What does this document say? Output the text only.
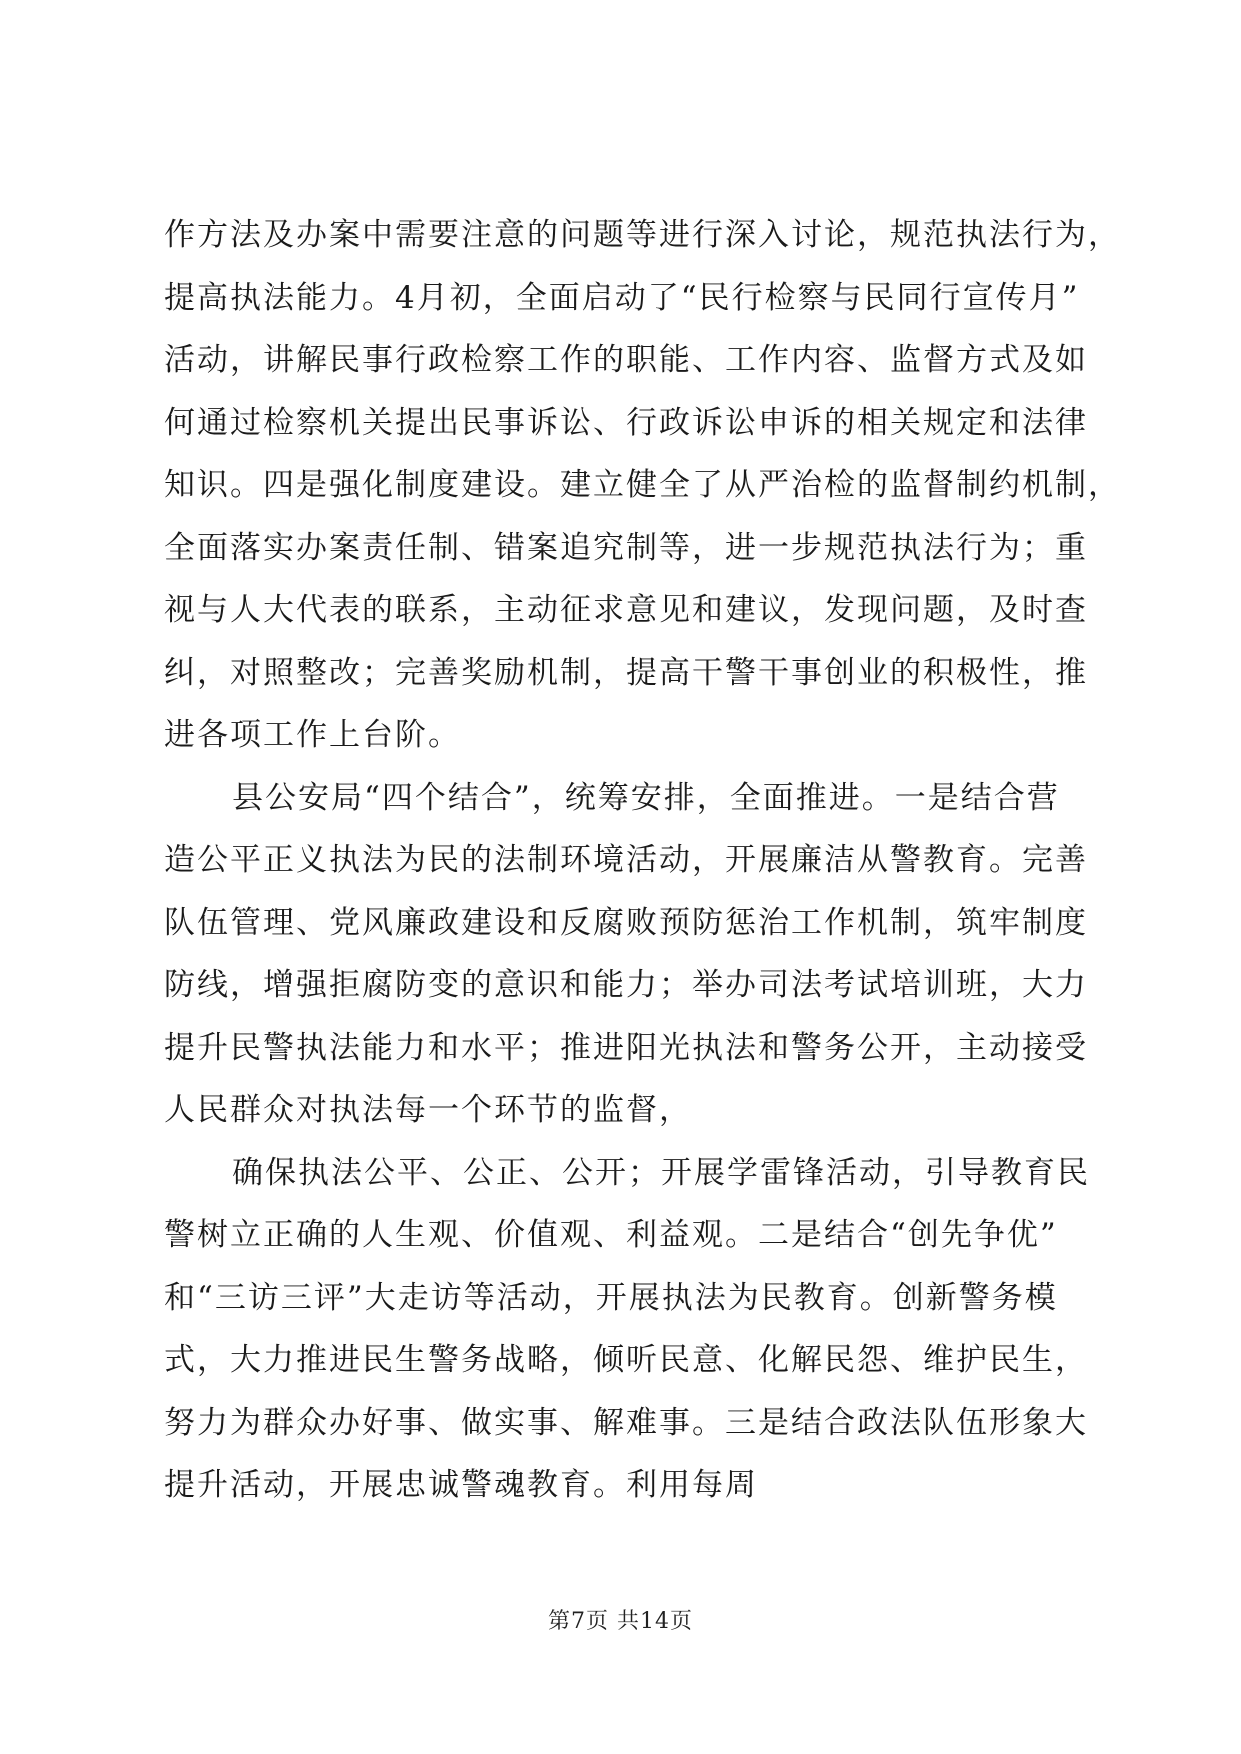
作方法及办案中需要注意的问题等进行深入讨论，规范执法行为，
提高执法能力。4月初，全面启动了“民行检察与民同行宣传月”
活动，讲解民事行政检察工作的职能、工作内容、监督方式及如
何通过检察机关提出民事诉讼、行政诉讼申诉的相关规定和法律
知识。四是强化制度建设。建立健全了从严治检的监督制约机制，
全面落实办案责任制、错案追究制等，进一步规范执法行为；重
视与人大代表的联系，主动征求意见和建议，发现问题，及时查
纠，对照整改；完善奖励机制，提高干警干事创业的积极性，推
进各项工作上台阶。
县公安局“四个结合”，统筹安排，全面推进。一是结合营
造公平正义执法为民的法制环境活动，开展廉洁从警教育。完善
队伍管理、党风廉政建设和反腐败预防惩治工作机制，筑牢制度
防线，增强拒腐防变的意识和能力；举办司法考试培训班，大力
提升民警执法能力和水平；推进阳光执法和警务公开，主动接受
人民群众对执法每一个环节的监督，
确保执法公平、公正、公开；开展学雷锋活动，引导教育民
警树立正确的人生观、价值观、利益观。二是结合“创先争优”
和“三访三评”大走访等活动，开展执法为民教育。创新警务模
式，大力推进民生警务战略，倾听民意、化解民怨、维护民生，
努力为群众办好事、做实事、解难事。三是结合政法队伍形象大
提升活动，开展忠诚警魂教育。利用每周
第7页 共14页
